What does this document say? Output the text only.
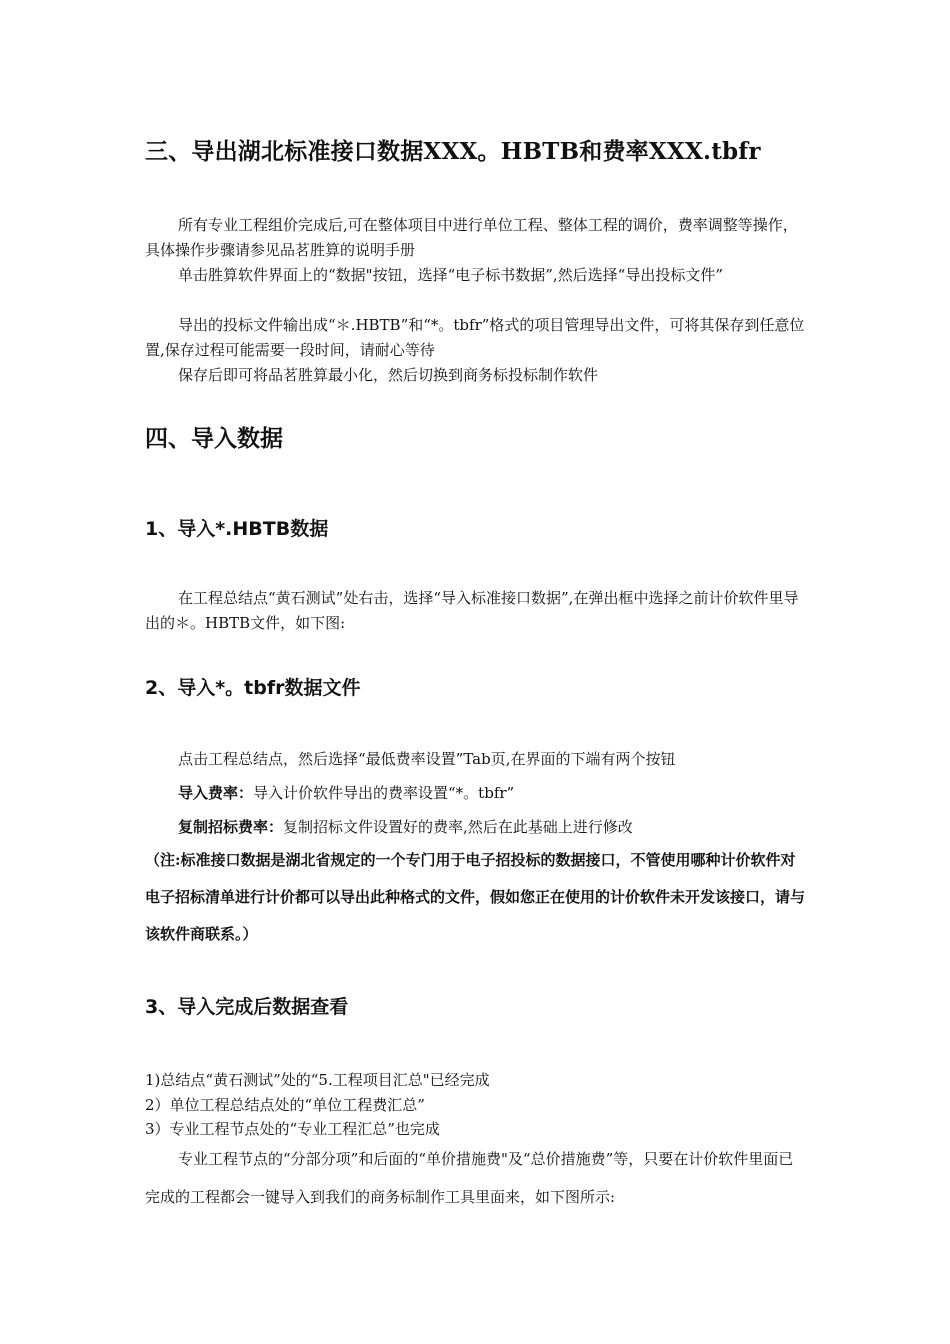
三、导出湖北标准接口数据XXX。HBTB和费率XXX.tbfr
所有专业工程组价完成后,可在整体项目中进行单位工程、整体工程的调价，费率调整等操作，具体操作步骤请参见品茗胜算的说明手册
单击胜算软件界面上的“数据"按钮，选择“电子标书数据”,然后选择“导出投标文件”
导出的投标文件输出成“＊.HBTB”和“*。tbfr”格式的项目管理导出文件，可将其保存到任意位置,保存过程可能需要一段时间，请耐心等待
保存后即可将品茗胜算最小化，然后切换到商务标投标制作软件
四、导入数据
1、导入*.HBTB数据
在工程总结点“黄石测试”处右击，选择“导入标准接口数据”,在弹出框中选择之前计价软件里导出的＊。HBTB文件，如下图:
2、导入*。tbfr数据文件
点击工程总结点，然后选择“最低费率设置”Tab页,在界面的下端有两个按钮
导入费率：导入计价软件导出的费率设置“*。tbfr”
复制招标费率：复制招标文件设置好的费率,然后在此基础上进行修改
（注:标准接口数据是湖北省规定的一个专门用于电子招投标的数据接口，不管使用哪种计价软件对电子招标清单进行计价都可以导出此种格式的文件，假如您正在使用的计价软件未开发该接口，请与该软件商联系。）
3、导入完成后数据查看
1)总结点“黄石测试”处的“5.工程项目汇总"已经完成
2）单位工程总结点处的“单位工程费汇总”
3）专业工程节点处的“专业工程汇总”也完成
专业工程节点的“分部分项”和后面的“单价措施费"及“总价措施费”等，只要在计价软件里面已完成的工程都会一键导入到我们的商务标制作工具里面来，如下图所示:
